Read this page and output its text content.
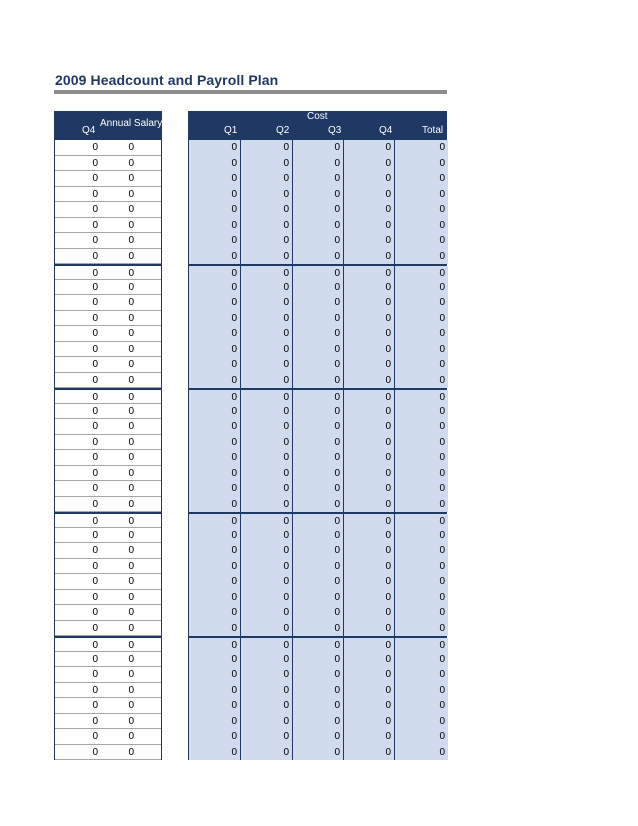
2009 Headcount and Payroll Plan
Q4
Annual Salary
0	0
0	0
0	0
0	0
0	0
0	0
0	0
0	0
0	0
0	0
0	0
0	0
0	0
0	0
0	0
0	0
0	0
0	0
0	0
0	0
0	0
0	0
0	0
0	0
0	0
0	0
0	0
0	0
0	0
0	0
0	0
0	0
0	0
0	0
0	0
0	0
0	0
0	0
0	0
0	0
Cost
Q1	Q2	Q3	Q4	Total
0	0	0	0	0
0	0	0	0	0
0	0	0	0	0
0	0	0	0	0
0	0	0	0	0
0	0	0	0	0
0	0	0	0	0
0	0	0	0	0
0	0	0	0	0
0	0	0	0	0
0	0	0	0	0
0	0	0	0	0
0	0	0	0	0
0	0	0	0	0
0	0	0	0	0
0	0	0	0	0
0	0	0	0	0
0	0	0	0	0
0	0	0	0	0
0	0	0	0	0
0	0	0	0	0
0	0	0	0	0
0	0	0	0	0
0	0	0	0	0
0	0	0	0	0
0	0	0	0	0
0	0	0	0	0
0	0	0	0	0
0	0	0	0	0
0	0	0	0	0
0	0	0	0	0
0	0	0	0	0
0	0	0	0	0
0	0	0	0	0
0	0	0	0	0
0	0	0	0	0
0	0	0	0	0
0	0	0	0	0
0	0	0	0	0
0	0	0	0	0
